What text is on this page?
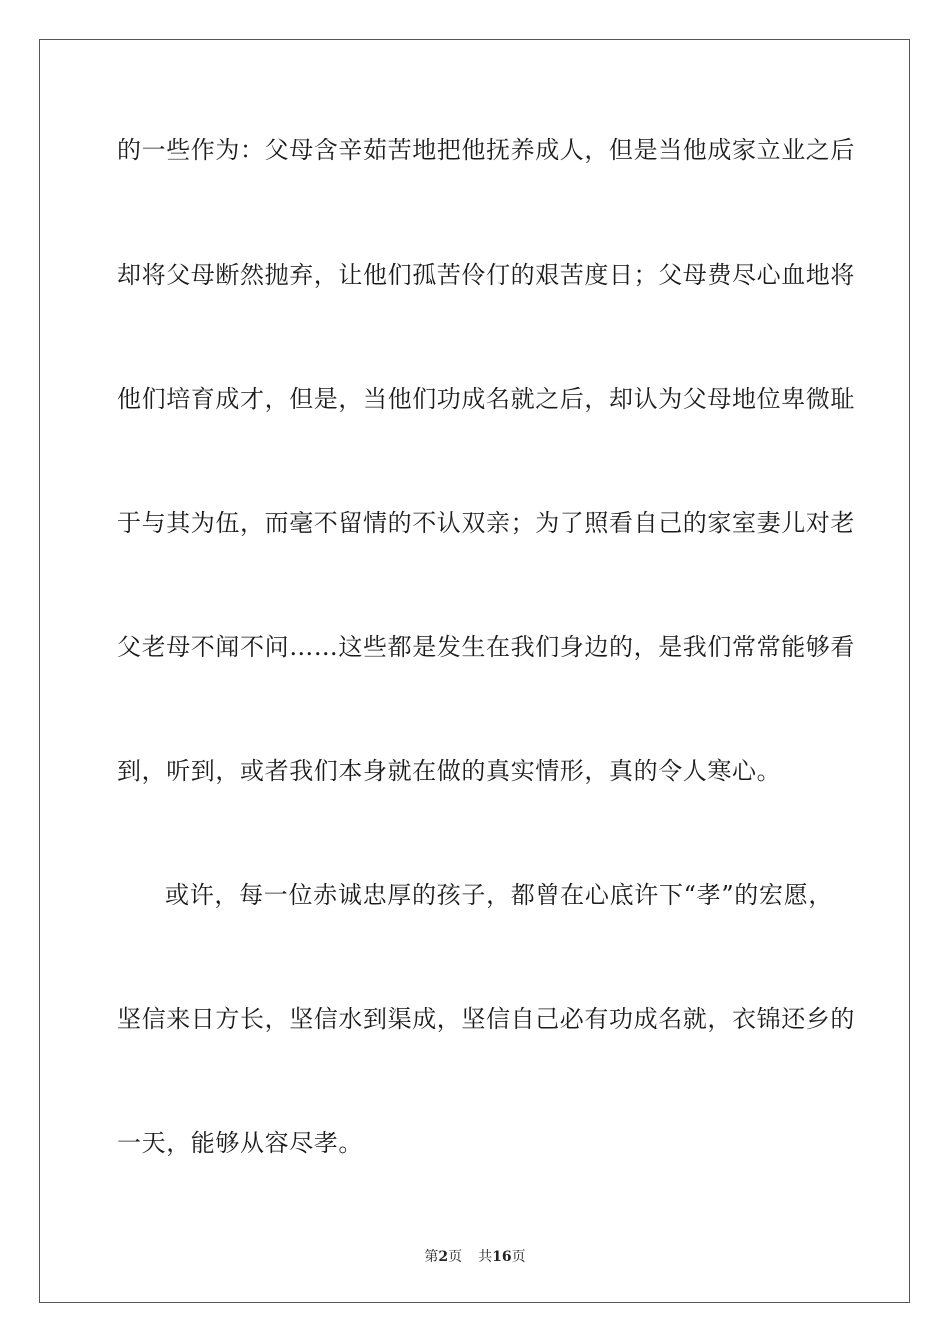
的一些作为：父母含辛茹苦地把他抚养成人，但是当他成家立业之后
却将父母断然抛弃，让他们孤苦伶仃的艰苦度日；父母费尽心血地将
他们培育成才，但是，当他们功成名就之后，却认为父母地位卑微耻
于与其为伍，而毫不留情的不认双亲；为了照看自己的家室妻儿对老
父老母不闻不问……这些都是发生在我们身边的，是我们常常能够看
到，听到，或者我们本身就在做的真实情形，真的令人寒心。
或许，每一位赤诚忠厚的孩子，都曾在心底许下“孝”的宏愿，
坚信来日方长，坚信水到渠成，坚信自己必有功成名就，衣锦还乡的
一天，能够从容尽孝。
第2页 共16页
